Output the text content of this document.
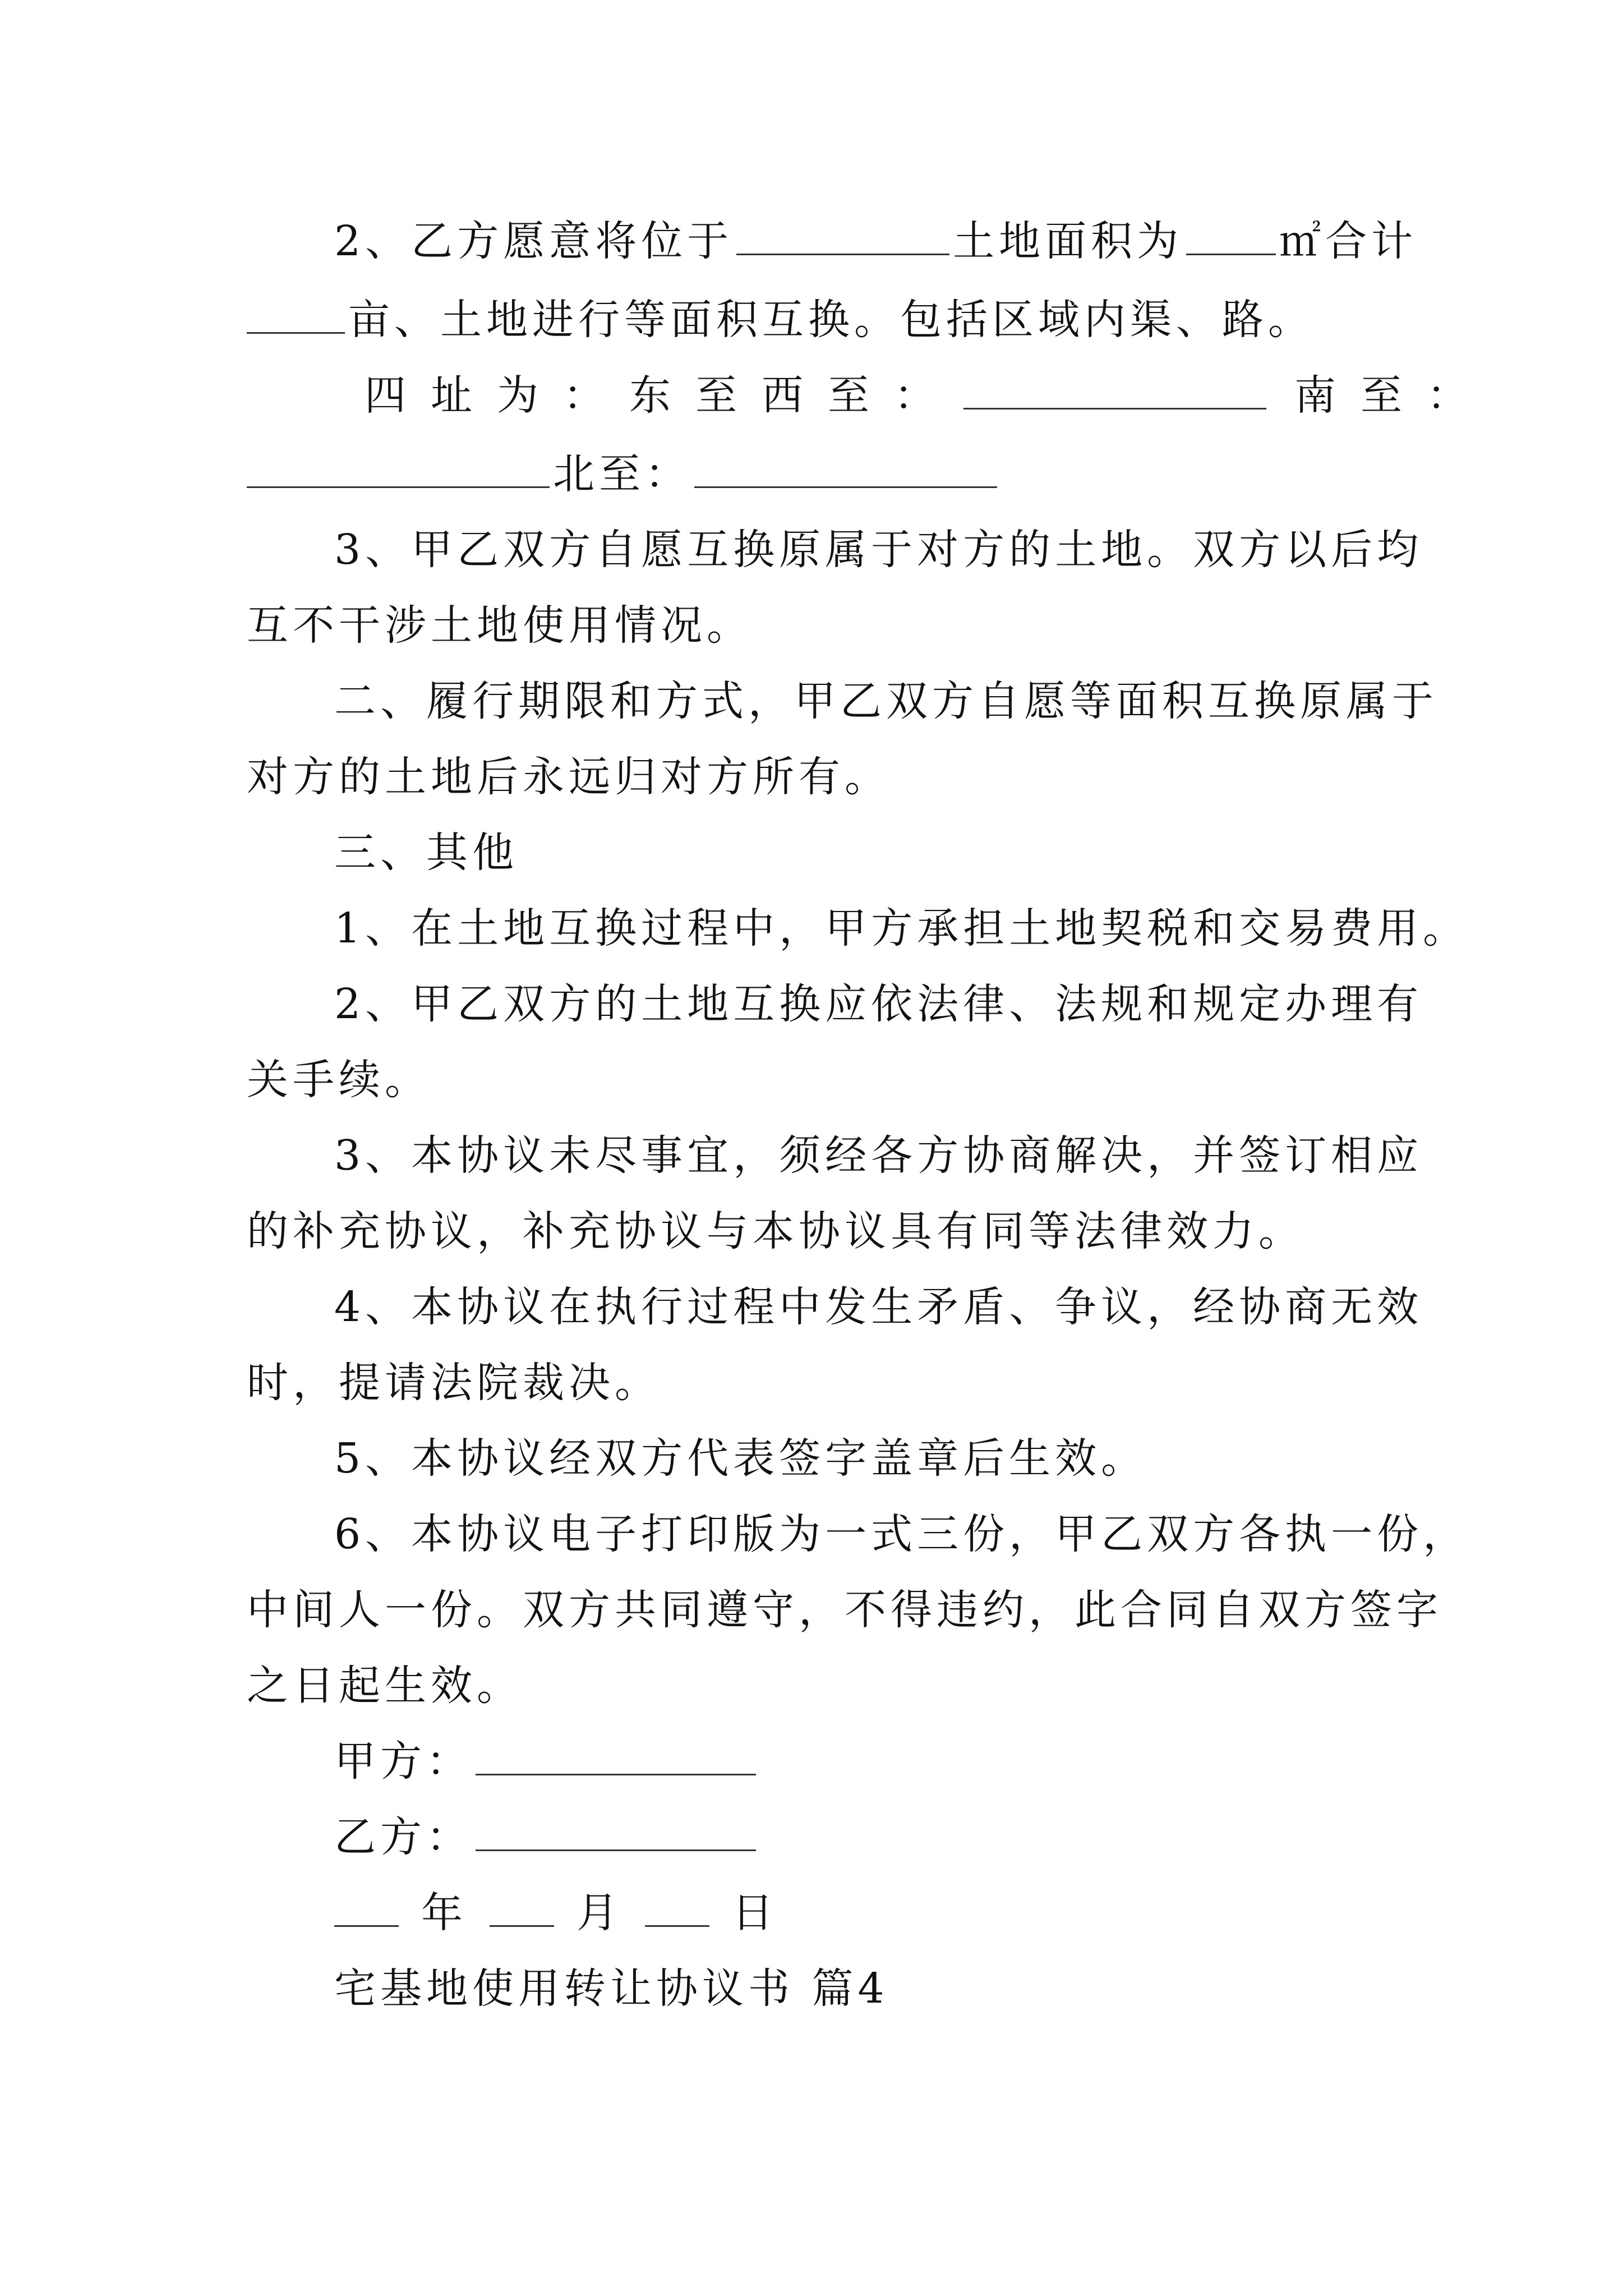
2、乙方愿意将位于	土地面积为 ㎡合计
亩、土地进行等面积互换。包括区域内渠、路。
四址为：东至西至：	南至：
北至：
3、甲乙双方自愿互换原属于对方的土地。双方以后均
互不干涉土地使用情况。
二、履行期限和方式，甲乙双方自愿等面积互换原属于
对方的土地后永远归对方所有。
三、其他
1、在土地互换过程中，甲方承担土地契税和交易费用。
2、甲乙双方的土地互换应依法律、法规和规定办理有
关手续。
3、本协议未尽事宜，须经各方协商解决，并签订相应
的补充协议，补充协议与本协议具有同等法律效力。
4、本协议在执行过程中发生矛盾、争议，经协商无效
时，提请法院裁决。
5、本协议经双方代表签字盖章后生效。
6、本协议电子打印版为一式三份，甲乙双方各执一份，
中间人一份。双方共同遵守，不得违约，此合同自双方签字
之日起生效。
甲方：
乙方：
年	月	日
宅基地使用转让协议书 篇4
